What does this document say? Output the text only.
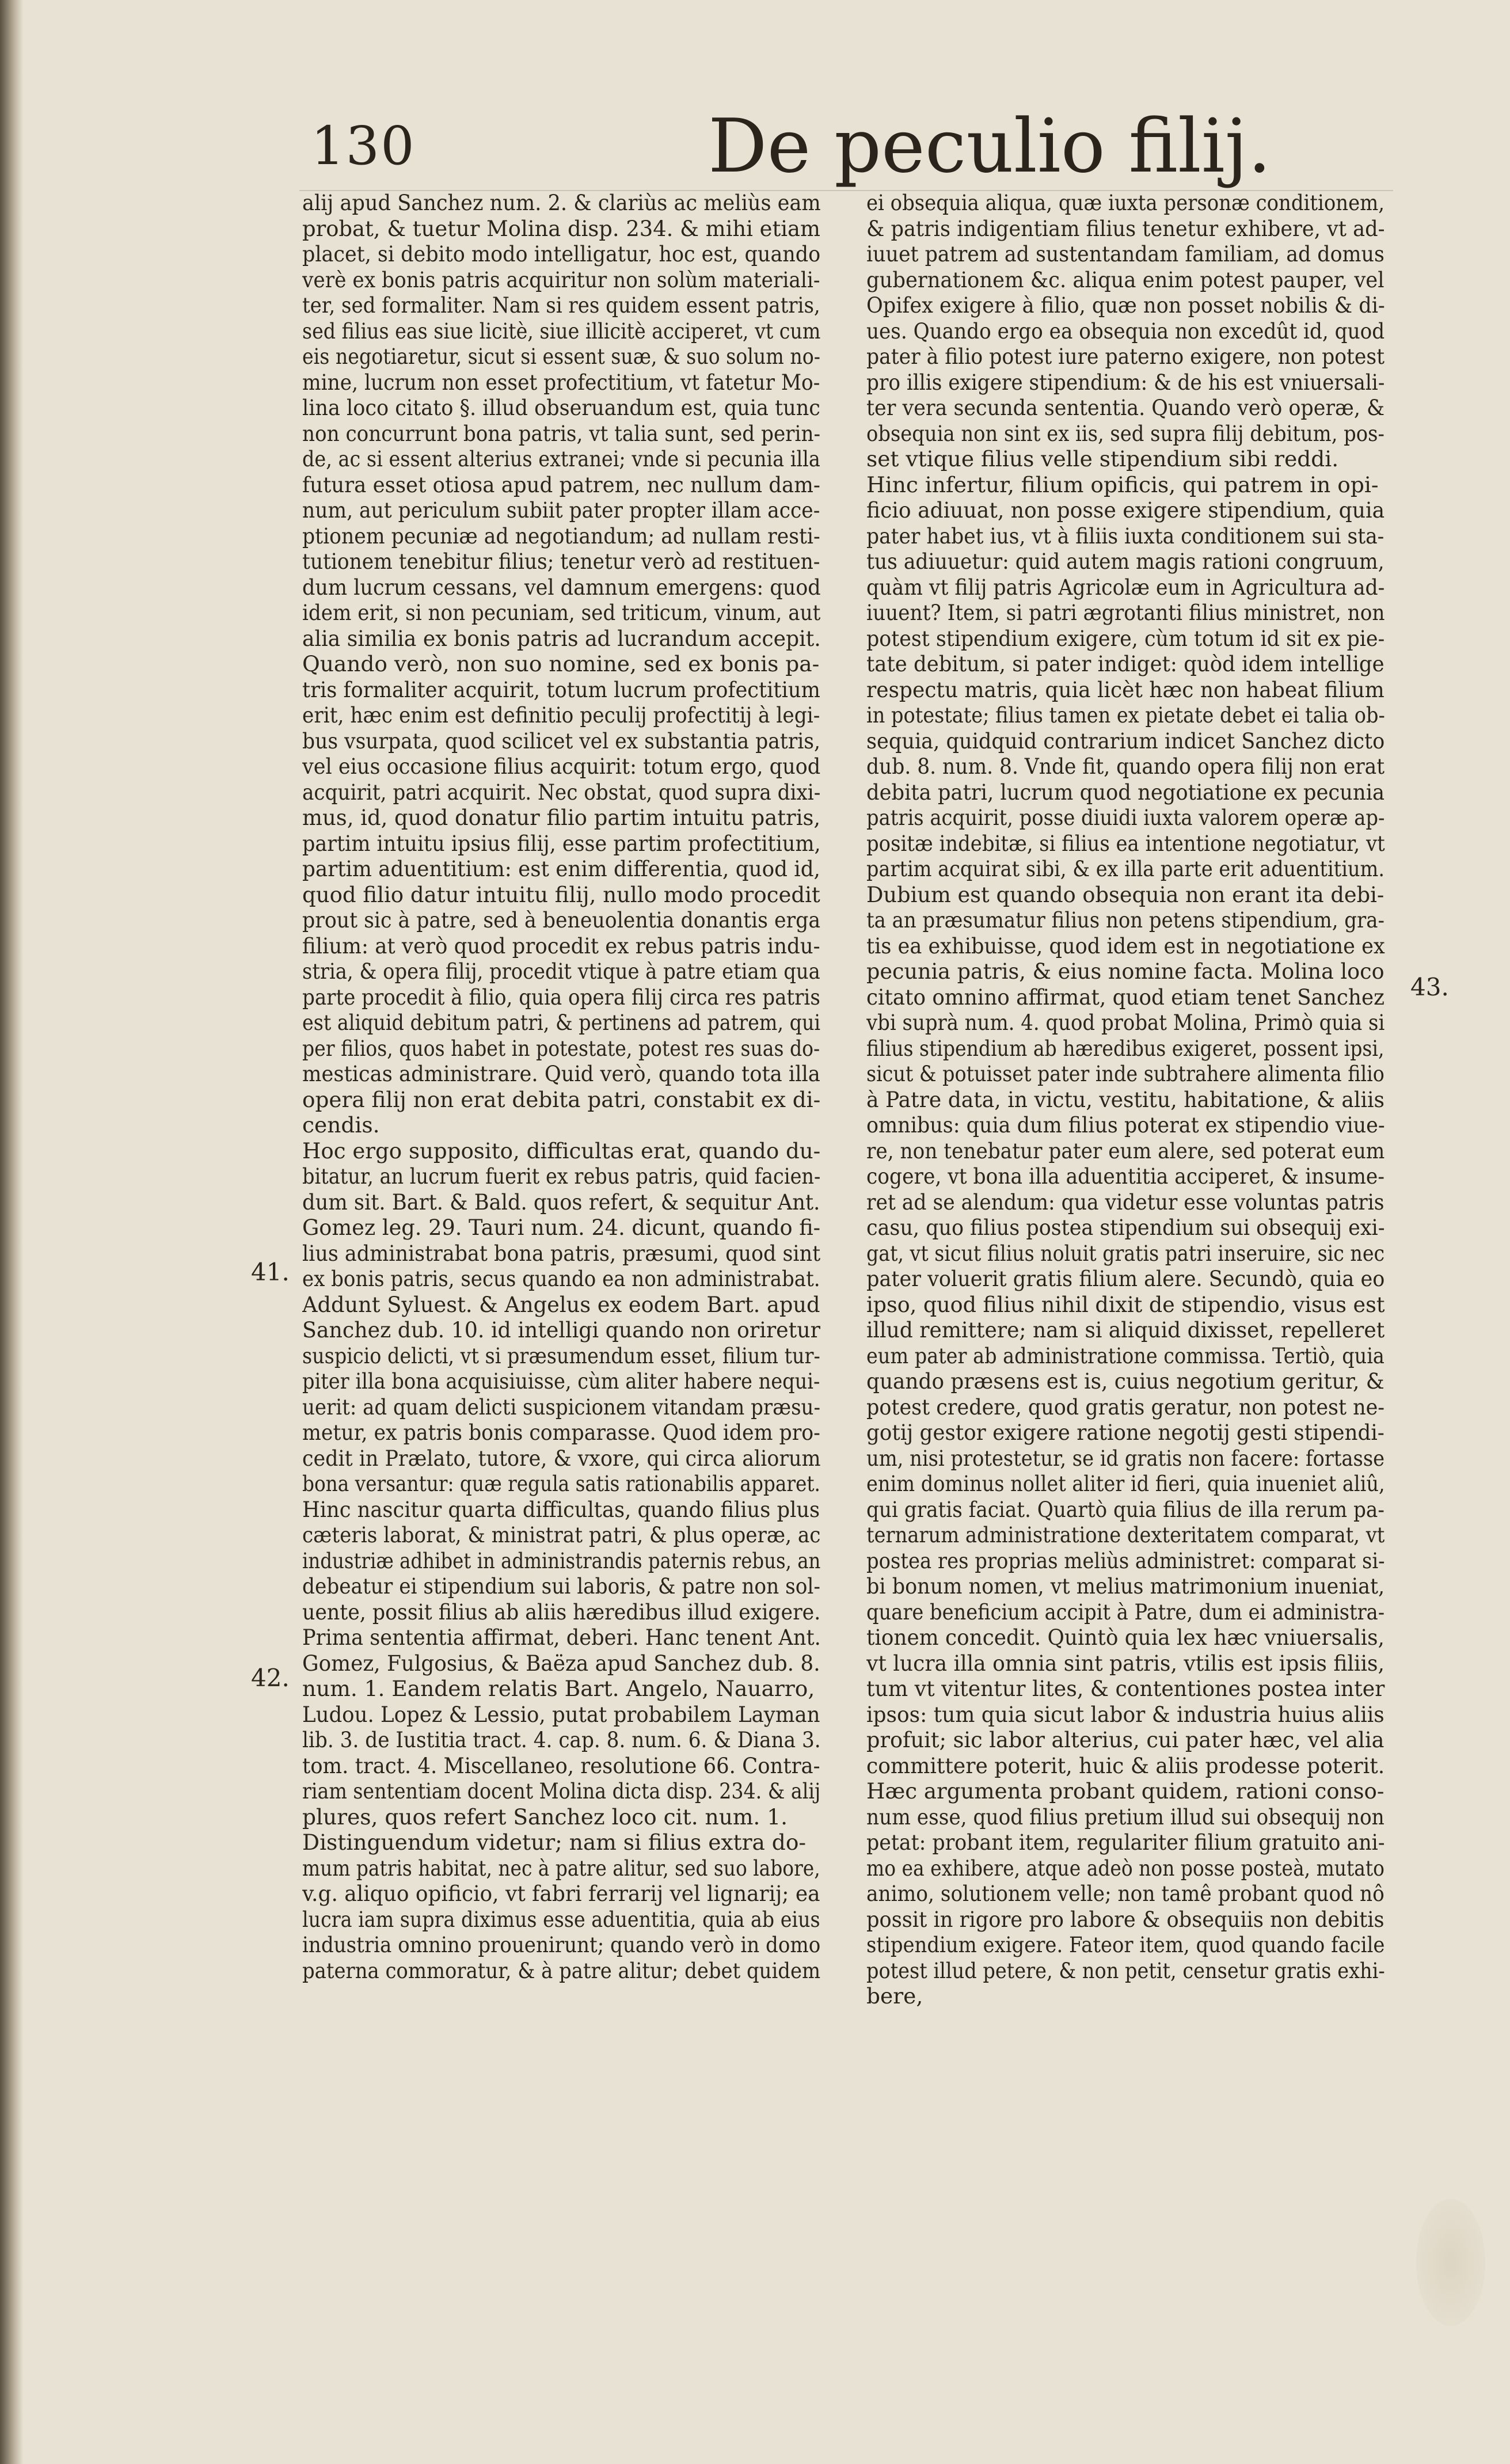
130	De peculio filij.
alij apud Sanchez num. 2. & clariùs ac meliùs eam
probat, & tuetur Molina disp. 234. & mihi etiam
placet, si debito modo intelligatur, hoc est, quando
verè ex bonis patris acquiritur non solùm materiali-
ter, sed formaliter. Nam si res quidem essent patris,
sed filius eas siue licitè, siue illicitè acciperet, vt cum
eis negotiaretur, sicut si essent suæ, & suo solum no-
mine, lucrum non esset profectitium, vt fatetur Mo-
lina loco citato §. illud obseruandum est, quia tunc
non concurrunt bona patris, vt talia sunt, sed perin-
de, ac si essent alterius extranei; vnde si pecunia illa
futura esset otiosa apud patrem, nec nullum dam-
num, aut periculum subiit pater propter illam acce-
ptionem pecuniæ ad negotiandum; ad nullam resti-
tutionem tenebitur filius; tenetur verò ad restituen-
dum lucrum cessans, vel damnum emergens: quod
idem erit, si non pecuniam, sed triticum, vinum, aut
alia similia ex bonis patris ad lucrandum accepit.
Quando verò, non suo nomine, sed ex bonis pa-
tris formaliter acquirit, totum lucrum profectitium
erit, hæc enim est definitio peculij profectitij à legi-
bus vsurpata, quod scilicet vel ex substantia patris,
vel eius occasione filius acquirit: totum ergo, quod
acquirit, patri acquirit. Nec obstat, quod supra dixi-
mus, id, quod donatur filio partim intuitu patris,
partim intuitu ipsius filij, esse partim profectitium,
partim aduentitium: est enim differentia, quod id,
quod filio datur intuitu filij, nullo modo procedit
prout sic à patre, sed à beneuolentia donantis erga
filium: at verò quod procedit ex rebus patris indu-
stria, & opera filij, procedit vtique à patre etiam qua
parte procedit à filio, quia opera filij circa res patris
est aliquid debitum patri, & pertinens ad patrem, qui
per filios, quos habet in potestate, potest res suas do-
mesticas administrare. Quid verò, quando tota illa
opera filij non erat debita patri, constabit ex di-
cendis.
Hoc ergo supposito, difficultas erat, quando du-
bitatur, an lucrum fuerit ex rebus patris, quid facien-
dum sit. Bart. & Bald. quos refert, & sequitur Ant.
Gomez leg. 29. Tauri num. 24. dicunt, quando fi-
lius administrabat bona patris, præsumi, quod sint
ex bonis patris, secus quando ea non administrabat.
Addunt Syluest. & Angelus ex eodem Bart. apud
Sanchez dub. 10. id intelligi quando non oriretur
suspicio delicti, vt si præsumendum esset, filium tur-
piter illa bona acquisiuisse, cùm aliter habere nequi-
uerit: ad quam delicti suspicionem vitandam præsu-
metur, ex patris bonis comparasse. Quod idem pro-
cedit in Prælato, tutore, & vxore, qui circa aliorum
bona versantur: quæ regula satis rationabilis apparet.
Hinc nascitur quarta difficultas, quando filius plus
cæteris laborat, & ministrat patri, & plus operæ, ac
industriæ adhibet in administrandis paternis rebus, an
debeatur ei stipendium sui laboris, & patre non sol-
uente, possit filius ab aliis hæredibus illud exigere.
Prima sententia affirmat, deberi. Hanc tenent Ant.
Gomez, Fulgosius, & Baëza apud Sanchez dub. 8.
num. 1. Eandem relatis Bart. Angelo, Nauarro,
Ludou. Lopez & Lessio, putat probabilem Layman
lib. 3. de Iustitia tract. 4. cap. 8. num. 6. & Diana 3.
tom. tract. 4. Miscellaneo, resolutione 66. Contra-
riam sententiam docent Molina dicta disp. 234. & alij
plures, quos refert Sanchez loco cit. num. 1.
Distinguendum videtur; nam si filius extra do-
mum patris habitat, nec à patre alitur, sed suo labore,
v.g. aliquo opificio, vt fabri ferrarij vel lignarij; ea
lucra iam supra diximus esse aduentitia, quia ab eius
industria omnino prouenirunt; quando verò in domo
paterna commoratur, & à patre alitur; debet quidem
ei obsequia aliqua, quæ iuxta personæ conditionem,
& patris indigentiam filius tenetur exhibere, vt ad-
iuuet patrem ad sustentandam familiam, ad domus
gubernationem &c. aliqua enim potest pauper, vel
Opifex exigere à filio, quæ non posset nobilis & di-
ues. Quando ergo ea obsequia non excedût id, quod
pater à filio potest iure paterno exigere, non potest
pro illis exigere stipendium: & de his est vniuersali-
ter vera secunda sententia. Quando verò operæ, &
obsequia non sint ex iis, sed supra filij debitum, pos-
set vtique filius velle stipendium sibi reddi.
Hinc infertur, filium opificis, qui patrem in opi-
ficio adiuuat, non posse exigere stipendium, quia
pater habet ius, vt à filiis iuxta conditionem sui sta-
tus adiuuetur: quid autem magis rationi congruum,
quàm vt filij patris Agricolæ eum in Agricultura ad-
iuuent? Item, si patri ægrotanti filius ministret, non
potest stipendium exigere, cùm totum id sit ex pie-
tate debitum, si pater indiget: quòd idem intellige
respectu matris, quia licèt hæc non habeat filium
in potestate; filius tamen ex pietate debet ei talia ob-
sequia, quidquid contrarium indicet Sanchez dicto
dub. 8. num. 8. Vnde fit, quando opera filij non erat
debita patri, lucrum quod negotiatione ex pecunia
patris acquirit, posse diuidi iuxta valorem operæ ap-
positæ indebitæ, si filius ea intentione negotiatur, vt
partim acquirat sibi, & ex illa parte erit aduentitium.
Dubium est quando obsequia non erant ita debi-
ta an præsumatur filius non petens stipendium, gra-
tis ea exhibuisse, quod idem est in negotiatione ex
pecunia patris, & eius nomine facta. Molina loco
citato omnino affirmat, quod etiam tenet Sanchez
vbi suprà num. 4. quod probat Molina, Primò quia si
filius stipendium ab hæredibus exigeret, possent ipsi,
sicut & potuisset pater inde subtrahere alimenta filio
à Patre data, in victu, vestitu, habitatione, & aliis
omnibus: quia dum filius poterat ex stipendio viue-
re, non tenebatur pater eum alere, sed poterat eum
cogere, vt bona illa aduentitia acciperet, & insume-
ret ad se alendum: qua videtur esse voluntas patris
casu, quo filius postea stipendium sui obsequij exi-
gat, vt sicut filius noluit gratis patri inseruire, sic nec
pater voluerit gratis filium alere. Secundò, quia eo
ipso, quod filius nihil dixit de stipendio, visus est
illud remittere; nam si aliquid dixisset, repelleret
eum pater ab administratione commissa. Tertiò, quia
quando præsens est is, cuius negotium geritur, &
potest credere, quod gratis geratur, non potest ne-
gotij gestor exigere ratione negotij gesti stipendi-
um, nisi protestetur, se id gratis non facere: fortasse
enim dominus nollet aliter id fieri, quia inueniet aliû,
qui gratis faciat. Quartò quia filius de illa rerum pa-
ternarum administratione dexteritatem comparat, vt
postea res proprias meliùs administret: comparat si-
bi bonum nomen, vt melius matrimonium inueniat,
quare beneficium accipit à Patre, dum ei administra-
tionem concedit. Quintò quia lex hæc vniuersalis,
vt lucra illa omnia sint patris, vtilis est ipsis filiis,
tum vt vitentur lites, & contentiones postea inter
ipsos: tum quia sicut labor & industria huius aliis
profuit; sic labor alterius, cui pater hæc, vel alia
committere poterit, huic & aliis prodesse poterit.
Hæc argumenta probant quidem, rationi conso-
num esse, quod filius pretium illud sui obsequij non
petat: probant item, regulariter filium gratuito ani-
mo ea exhibere, atque adeò non posse posteà, mutato
animo, solutionem velle; non tamê probant quod nô
possit in rigore pro labore & obsequiis non debitis
stipendium exigere. Fateor item, quod quando facile
potest illud petere, & non petit, censetur gratis exhi-
bere,
41.
42.
43.
